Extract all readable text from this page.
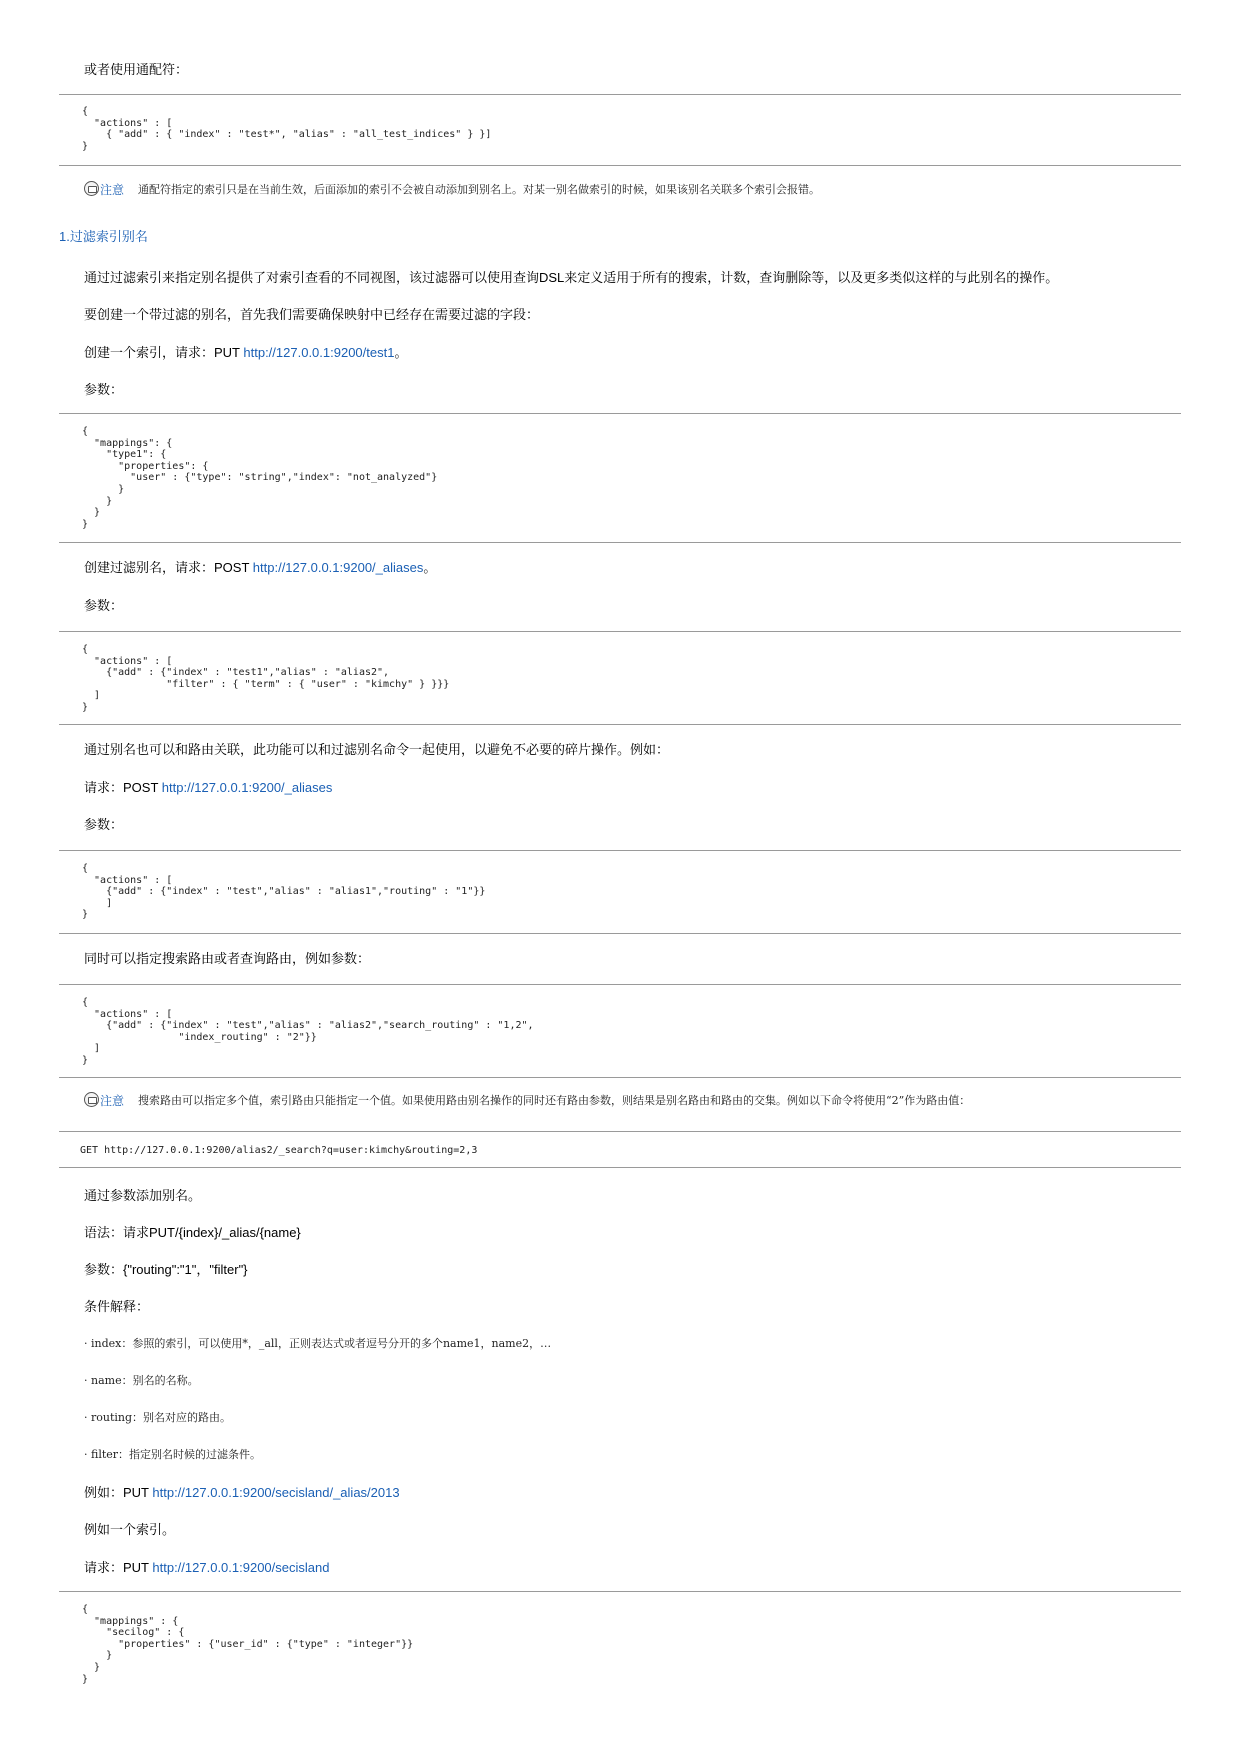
或者使用通配符：

{
"actions" : [
{ "add" : { "index" : "test*", "alias" : "all_test_indices" } }]
}
注意 通配符指定的索引只是在当前生效，后面添加的索引不会被自动添加到别名上。对某一别名做索引的时候，如果该别名关联多个索引会报错。

1.过滤索引别名

通过过滤索引来指定别名提供了对索引查看的不同视图，该过滤器可以使用查询DSL来定义适用于所有的搜索，计数，查询删除等，以及更多类似这样的与此别名的操作。

要创建一个带过滤的别名，首先我们需要确保映射中已经存在需要过滤的字段：

创建一个索引，请求：PUT http://127.0.0.1:9200/test1。

参数：

{
"mappings": {
"type1": {
"properties": {
"user" : {"type": "string","index": "not_analyzed"}
}
}
}
}

创建过滤别名，请求：POST http://127.0.0.1:9200/_aliases。

参数：

{
"actions" : [
{"add" : {"index" : "test1","alias" : "alias2",
"filter" : { "term" : { "user" : "kimchy" } }}}
]
}

通过别名也可以和路由关联，此功能可以和过滤别名命令一起使用，以避免不必要的碎片操作。例如：

请求：POST http://127.0.0.1:9200/_aliases

参数：

{
"actions" : [
{"add" : {"index" : "test","alias" : "alias1","routing" : "1"}}
]
}

同时可以指定搜索路由或者查询路由，例如参数：

{
"actions" : [
{"add" : {"index" : "test","alias" : "alias2","search_routing" : "1,2",
"index_routing" : "2"}}
]
}
注意 搜索路由可以指定多个值，索引路由只能指定一个值。如果使用路由别名操作的同时还有路由参数，则结果是别名路由和路由的交集。例如以下命令将使用“2”作为路由值：
GET http://127.0.0.1:9200/alias2/_search?q=user:kimchy&routing=2,3

通过参数添加别名。

语法：请求PUT/{index}/_alias/{name}

参数：{"routing":"1"，"filter"}

条件解释：

· index：参照的索引，可以使用*，_all，正则表达式或者逗号分开的多个name1，name2，…
· name：别名的名称。
· routing：别名对应的路由。
· filter：指定别名时候的过滤条件。

例如：PUT http://127.0.0.1:9200/secisland/_alias/2013

例如一个索引。

请求：PUT http://127.0.0.1:9200/secisland

{
"mappings" : {
"secilog" : {
"properties" : {"user_id" : {"type" : "integer"}}
}
}
}
